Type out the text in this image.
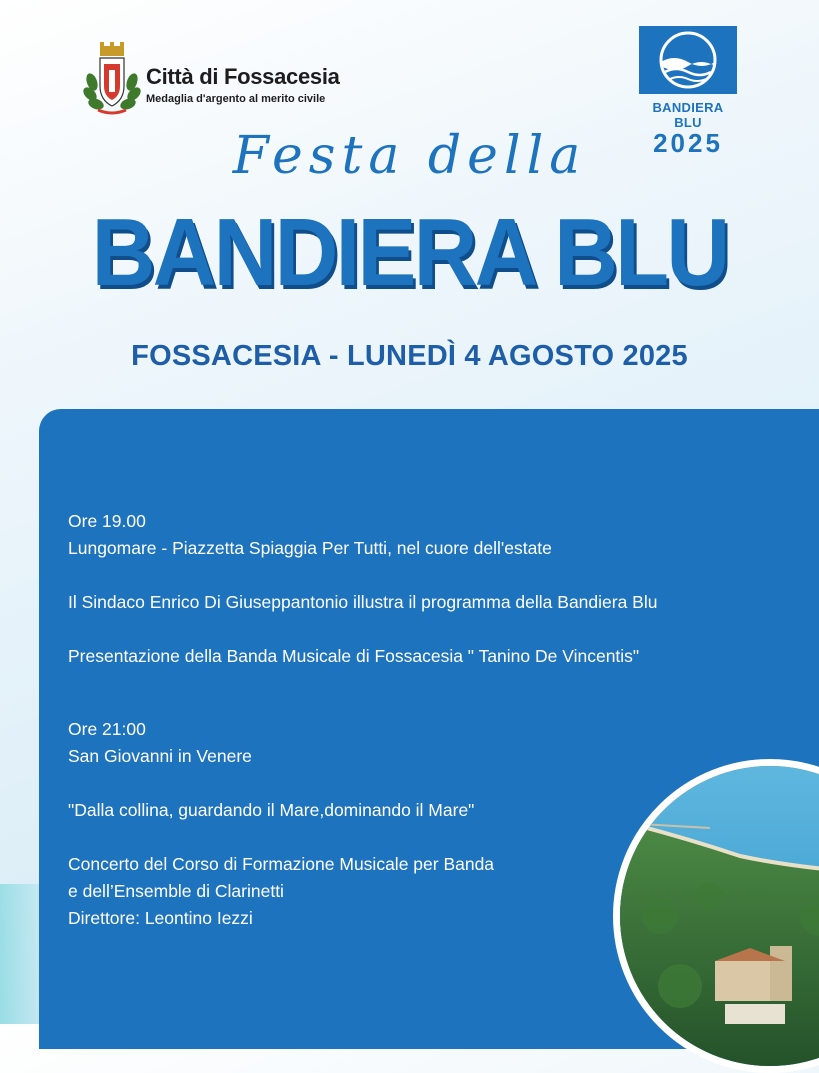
Città di Fossacesia
Medaglia d'argento al merito civile
BANDIERA BLU
2025
Festa della
BANDIERA BLU
FOSSACESIA - LUNEDÌ 4 AGOSTO 2025
Ore 19.00
Lungomare - Piazzetta Spiaggia Per Tutti, nel cuore dell'estate
Il Sindaco Enrico Di Giuseppantonio illustra il programma della Bandiera Blu
Presentazione della Banda Musicale di Fossacesia " Tanino De Vincentis"
Ore 21:00
San Giovanni in Venere
"Dalla collina, guardando il Mare,dominando il Mare"
Concerto del Corso di Formazione Musicale per Banda
e dell’Ensemble di Clarinetti
Direttore: Leontino Iezzi
